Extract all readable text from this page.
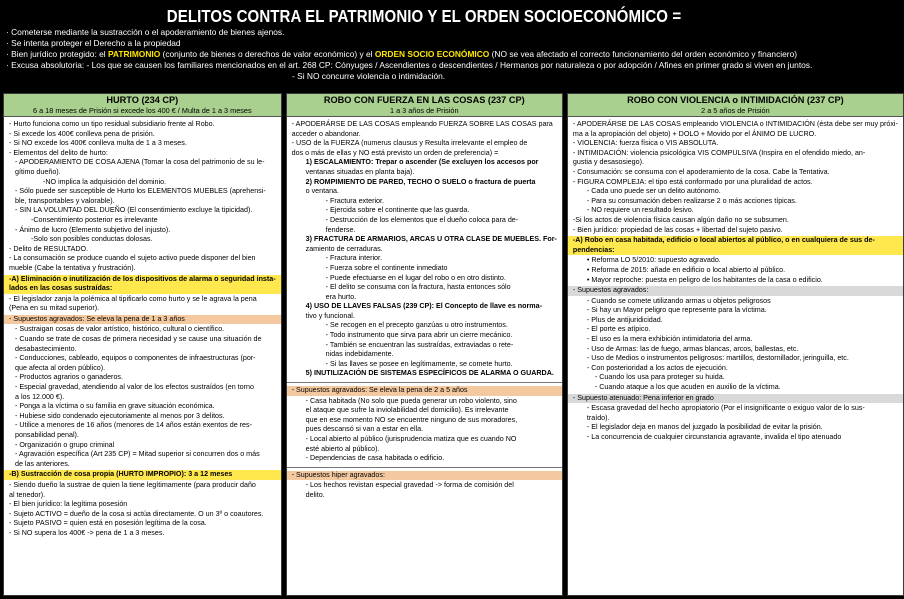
DELITOS CONTRA EL PATRIMONIO Y EL ORDEN SOCIOECONÓMICO =
· Cometerse mediante la sustracción o el apoderamiento de bienes ajenos.
· Se intenta proteger el Derecho a la propiedad
· Bien jurídico protegido: el PATRIMONIO (conjunto de bienes o derechos de valor económico) y el ORDEN SOCIO ECONÓMICO (NO se vea afectado el correcto funcionamiento del orden económico y financiero)
· Excusa absolutoria: - Los que se causen los familiares mencionados en el art. 268 CP: Cónyuges / Ascendientes o descendientes / Hermanos por naturaleza o por adopción / Afines en primer grado si viven en juntos.
- Si NO concurre violencia o intimidación.
HURTO (234 CP)
6 a 18 meses de Prisión si excede los 400 € / Multa de 1 a 3 meses
- Hurto funciona como un tipo residual subsidiario frente al Robo.
- Si excede los 400€ conlleva pena de prisión.
- Si NO excede los 400€ conlleva multa de 1 a 3 meses.
- Elementos del delito de hurto:
- APODERAMIENTO DE COSA AJENA (Tomar la cosa del patrimonio de su le-
gítimo dueño).
-NO implica la adquisición del dominio.
- Sólo puede ser susceptible de Hurto los ELEMENTOS MUEBLES (aprehensi-
ble, transportables y valorable).
- SIN LA VOLUNTAD DEL DUEÑO (El consentimiento excluye la tipicidad).
-Consentimiento posterior es irrelevante
- Ánimo de lucro (Elemento subjetivo del injusto).
-Solo son posibles conductas dolosas.
- Delito de RESULTADO.
- La consumación se produce cuando el sujeto activo puede disponer del bien
mueble (Cabe la tentativa y frustración).
-A) Eliminación o inutilización de los dispositivos de alarma o seguridad insta-
lados en las cosas sustraídas:
- El legislador zanja la polémica al tipificarlo como hurto y se le agrava la pena
(Pena en su mitad superior).
- Supuestos agravados: Se eleva la pena de 1 a 3 años
- Sustraigan cosas de valor artístico, histórico, cultural o científico.
- Cuando se trate de cosas de primera necesidad y se cause una situación de
desabastecimiento.
- Conducciones, cableado, equipos o componentes de infraestructuras (por-
que afecta al orden público).
- Productos agrarios o ganaderos.
- Especial gravedad, atendiendo al valor de los efectos sustraídos (en torno
a los 12.000 €).
- Ponga a la víctima o su familia en grave situación económica.
- Hubiese sido condenado ejecutoriamente al menos por 3 delitos.
- Utilice a menores de 16 años (menores de 14 años están exentos de res-
ponsabilidad penal).
- Organización o grupo criminal
- Agravación específica (Art 235 CP) = Mitad superior si concurren dos o más
de las anteriores.
-B) Sustracción de cosa propia (HURTO IMPROPIO): 3 a 12 meses
- Siendo dueño la sustrae de quien la tiene legítimamente (para producir daño
al tenedor).
- El bien jurídico: la legítima posesión
- Sujeto ACTIVO = dueño de la cosa si actúa directamente. O un 3º o coautores.
- Sujeto PASIVO = quien está en posesión legítima de la cosa.
- Si NO supera los 400€ -> pena de 1 a 3 meses.
ROBO CON FUERZA EN LAS COSAS (237 CP)
1 a 3 años de Prisión
- APODERÁRSE DE LAS COSAS empleando FUERZA SOBRE LAS COSAS para
acceder o abandonar.
- USO de la FUERZA (numerus clausus y Resulta irrelevante el empleo de
dos o más de ellas y NO está previsto un orden de preferencia) =
1) ESCALAMIENTO: Trepar o ascender (Se excluyen los accesos por
ventanas situadas en planta baja).
2) ROMPIMIENTO DE PARED, TECHO O SUELO o fractura de puerta
o ventana.
- Fractura exterior.
- Ejercida sobre el continente que las guarda.
- Destrucción de los elementos que el dueño coloca para de-
fenderse.
3) FRACTURA DE ARMARIOS, ARCAS U OTRA CLASE DE MUEBLES. For-
zamiento de cerraduras.
- Fractura interior.
- Fuerza sobre el continente inmediato
- Puede efectuarse en el lugar del robo o en otro distinto.
- El delito se consuma con la fractura, hasta entonces sólo
era hurto.
4) USO DE LLAVES FALSAS (239 CP): El Concepto de llave es norma-
tivo y funcional.
- Se recogen en el precepto ganzúas u otro instrumentos.
- Todo instrumento que sirva para abrir un cierre mecánico.
- También se encuentran las sustraídas, extraviadas o rete-
nidas indebidamente.
- Si las llaves se posee en legítimamente, se comete hurto.
5) INUTILIZACIÓN DE SISTEMAS ESPECÍFICOS DE ALARMA O GUARDA.
- Supuestos agravados: Se eleva la pena de 2 a 5 años
- Casa habitada (No solo que pueda generar un robo violento, sino
el ataque que sufre la inviolabilidad del domicilio). Es irrelevante
que en ese momento NO se encuentre ninguno de sus moradores,
pues descansó si van a estar en ella.
- Local abierto al público (jurisprudencia matiza que es cuando NO
esté abierto al público).
- Dependencias de casa habitada o edificio.
- Supuestos hiper agravados:
- Los hechos revistan especial gravedad -> forma de comisión del
delito.
ROBO CON VIOLENCIA o INTIMIDACIÓN (237 CP)
2 a 5 años de Prisión
- APODERÁRSE DE LAS COSAS empleando VIOLENCIA o INTIMIDACIÓN (ésta debe ser muy próxi-
ma a la apropiación del objeto) + DOLO + Movido por el ÁNIMO DE LUCRO.
- VIOLENCIA: fuerza física o VIS ABSOLUTA.
- INTIMIDACIÓN: violencia psicológica VIS COMPULSIVA (Inspira en el ofendido miedo, an-
gustia y desasosiego).
- Consumación: se consuma con el apoderamiento de la cosa. Cabe la Tentativa.
- FIGURA COMPLEJA: el tipo está conformado por una pluralidad de actos.
- Cada uno puede ser un delito autónomo.
- Para su consumación deben realizarse 2 o más acciones típicas.
- NO requiere un resultado lesivo.
-Si los actos de violencia física causan algún daño no se subsumen.
- Bien jurídico: propiedad de las cosas + libertad del sujeto pasivo.
-A) Robo en casa habitada, edificio o local abiertos al público, o en cualquiera de sus de-
pendencias:
• Reforma LO 5/2010: supuesto agravado.
• Reforma de 2015: añade en edificio o local abierto al público.
• Mayor reproche: puesta en peligro de los habitantes de la casa o edificio.
- Supuestos agravados:
- Cuando se comete utilizando armas u objetos peligrosos
- Si hay un Mayor peligro que represente para la víctima.
- Plus de antijuridicidad.
- El porte es atípico.
- El uso es la mera exhibición intimidatoria del arma.
- Uso de Armas: las de fuego, armas blancas, arcos, ballestas, etc.
- Uso de Medios o instrumentos peligrosos: martillos, destornillador, jeringuilla, etc.
- Con posterioridad a los actos de ejecución.
- Cuando los usa para proteger su huida.
- Cuando ataque a los que acuden en auxilio de la víctima.
- Supuesto atenuado: Pena inferior en grado
- Escasa gravedad del hecho apropiatorio (Por el insignificante o exiguo valor de lo sus-
traído).
- El legislador deja en manos del juzgado la posibilidad de evitar la prisión.
- La concurrencia de cualquier circunstancia agravante, invalida el tipo atenuado
